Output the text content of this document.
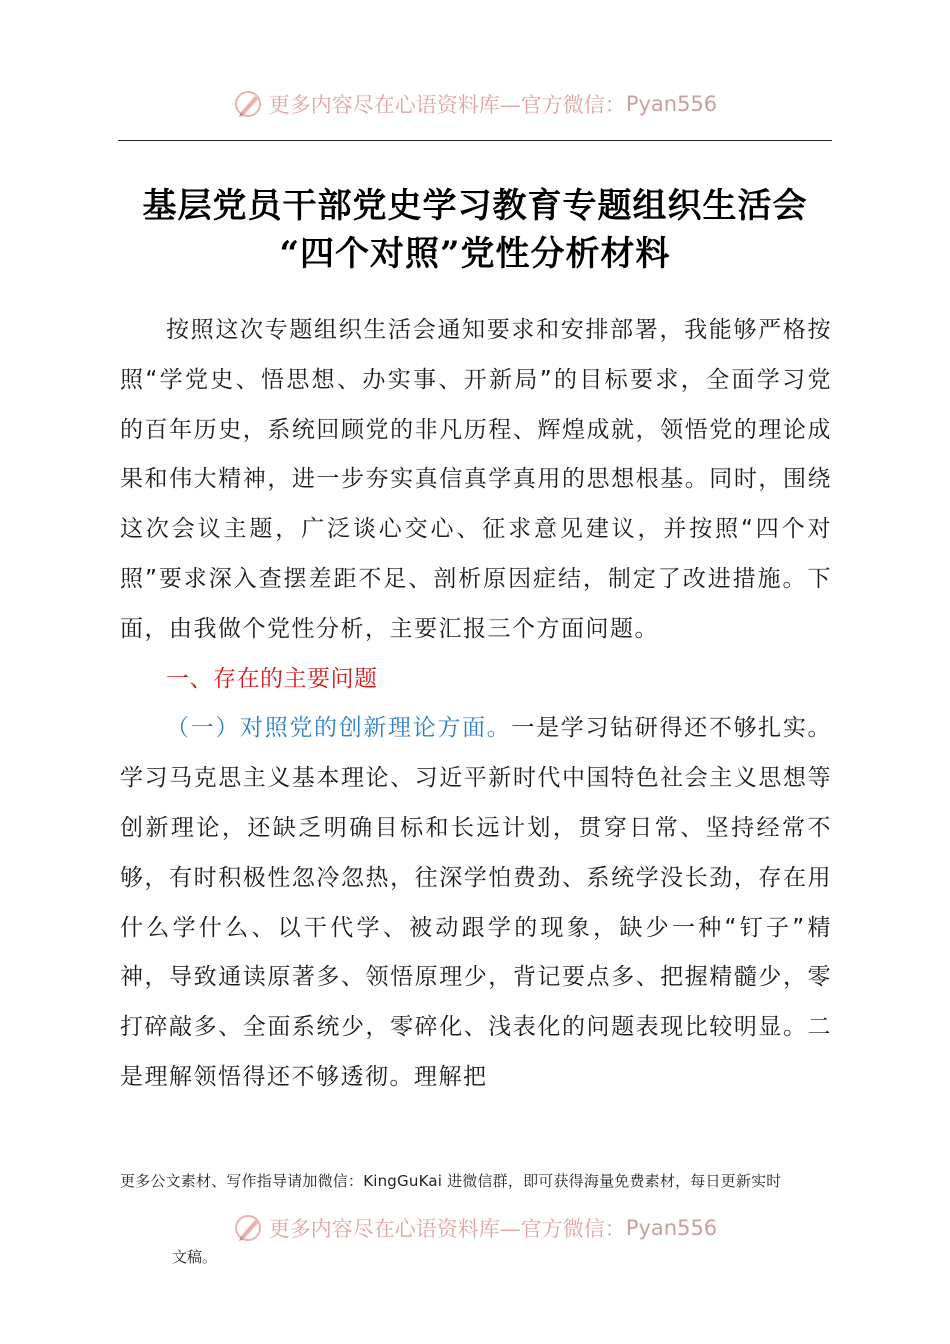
更多内容尽在心语资料库—官方微信： Pyan556
基层党员干部党史学习教育专题组织生活会
“四个对照”党性分析材料

按照这次专题组织生活会通知要求和安排部署，我能够严格按照“学党史、悟思想、办实事、开新局”的目标要求，全面学习党的百年历史，系统回顾党的非凡历程、辉煌成就，领悟党的理论成果和伟大精神，进一步夯实真信真学真用的思想根基。同时，围绕这次会议主题，广泛谈心交心、征求意见建议，并按照“四个对照”要求深入查摆差距不足、剖析原因症结，制定了改进措施。下面，由我做个党性分析，主要汇报三个方面问题。

一、存在的主要问题

（一）对照党的创新理论方面。一是学习钻研得还不够扎实。学习马克思主义基本理论、习近平新时代中国特色社会主义思想等创新理论，还缺乏明确目标和长远计划，贯穿日常、坚持经常不够，有时积极性忽冷忽热，往深学怕费劲、系统学没长劲，存在用什么学什么、以干代学、被动跟学的现象，缺少一种“钉子”精神，导致通读原著多、领悟原理少，背记要点多、把握精髓少，零打碎敲多、全面系统少，零碎化、浅表化的问题表现比较明显。二是理解领悟得还不够透彻。理解把

更多公文素材、写作指导请加微信：KingGuKai 进微信群，即可获得海量免费素材，每日更新实时
更多内容尽在心语资料库—官方微信： Pyan556
文稿。
